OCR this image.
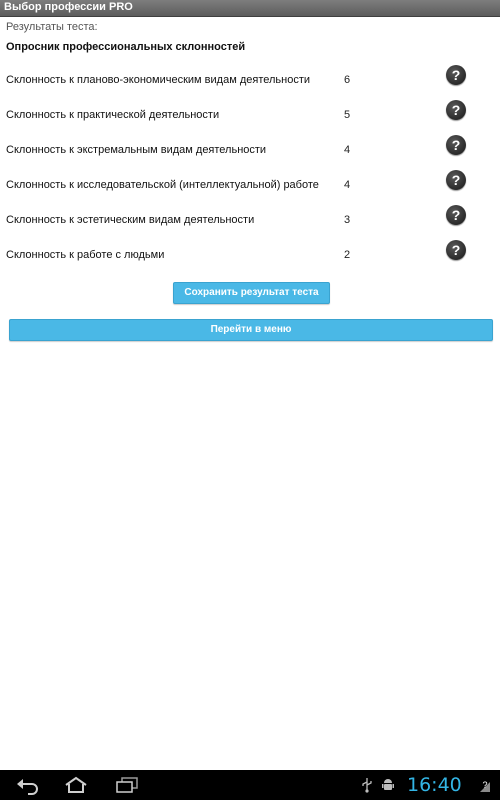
Выбор профессии PRO
Результаты теста:
Опросник профессиональных склонностей
Склонность к планово-экономическим видам деятельности	6	?
Склонность к практической деятельности	5	?
Склонность к экстремальным видам деятельности	4	?
Склонность к исследовательской (интеллектуальной) работе 4	?
Склонность к эстетическим видам деятельности	3	?
Склонность к работе с людьми	2	?
Сохранить результат теста (HTML)
Перейти в меню
16:40 ?
